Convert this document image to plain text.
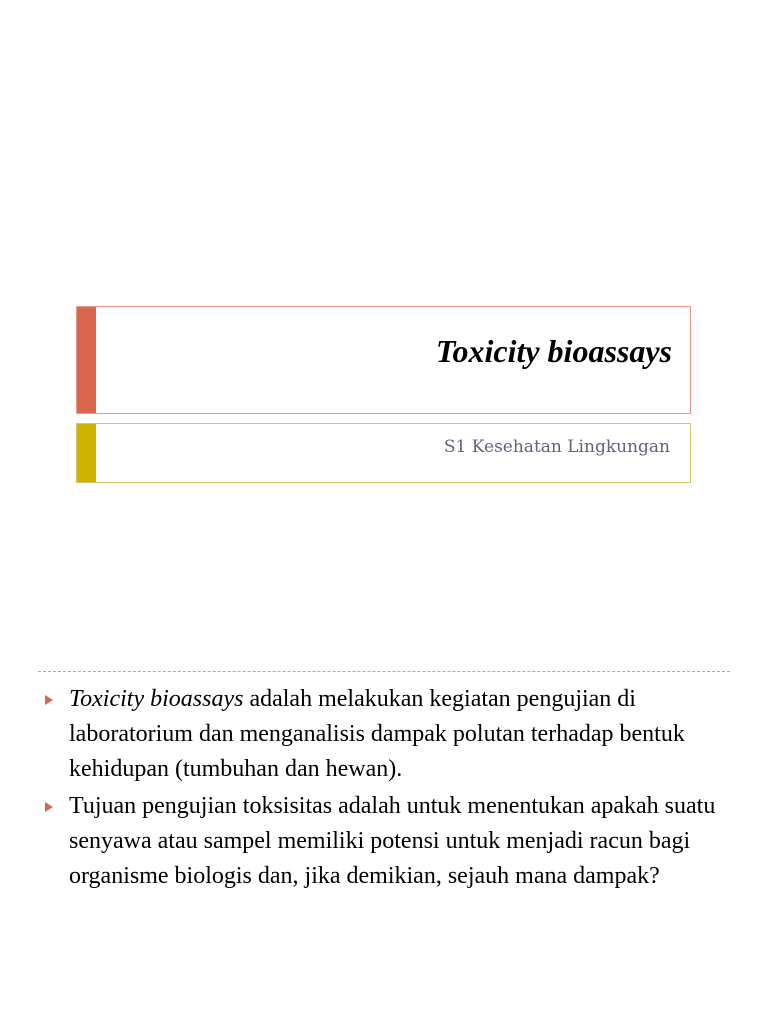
Toxicity bioassays
S1 Kesehatan Lingkungan
Toxicity bioassays adalah melakukan kegiatan pengujian di laboratorium dan menganalisis dampak polutan terhadap bentuk kehidupan (tumbuhan dan hewan).
Tujuan pengujian toksisitas adalah untuk menentukan apakah suatu senyawa atau sampel memiliki potensi untuk menjadi racun bagi organisme biologis dan, jika demikian, sejauh mana dampak?
